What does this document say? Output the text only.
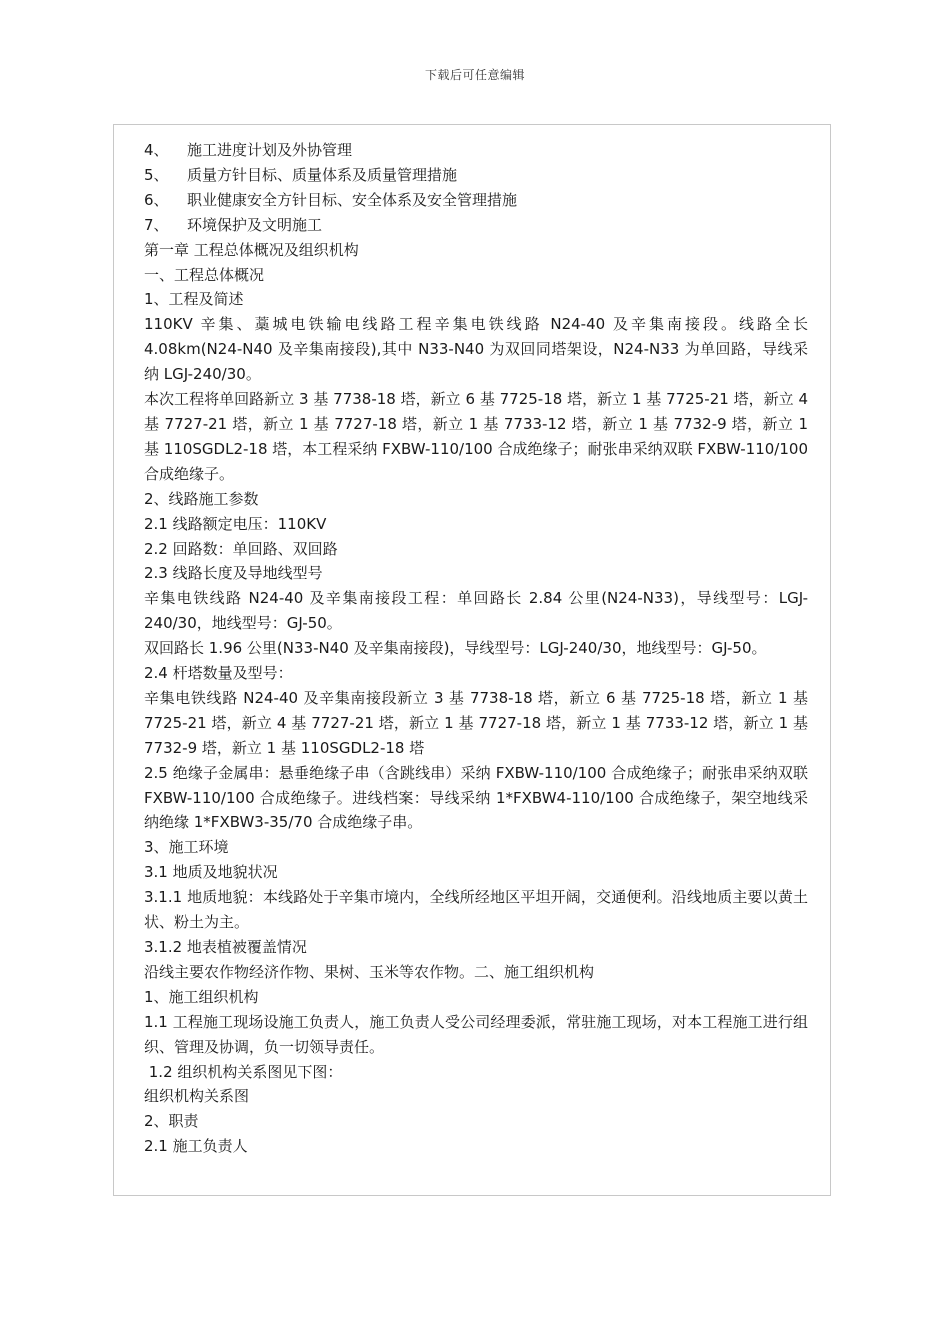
下载后可任意编辑
4、 施工进度计划及外协管理
5、 质量方针目标、质量体系及质量管理措施
6、 职业健康安全方针目标、安全体系及安全管理措施
7、 环境保护及文明施工
第一章 工程总体概况及组织机构
一、工程总体概况
1、工程及简述
110KV 辛集、藁城电铁输电线路工程辛集电铁线路 N24-40 及辛集南接段。线路全长 4.08km(N24-N40 及辛集南接段),其中 N33-N40 为双回同塔架设，N24-N33 为单回路，导线采纳 LGJ-240/30。
本次工程将单回路新立 3 基 7738-18 塔，新立 6 基 7725-18 塔，新立 1 基 7725-21 塔，新立 4 基 7727-21 塔，新立 1 基 7727-18 塔，新立 1 基 7733-12 塔，新立 1 基 7732-9 塔，新立 1 基 110SGDL2-18 塔，本工程采纳 FXBW-110/100 合成绝缘子；耐张串采纳双联 FXBW-110/100 合成绝缘子。
2、线路施工参数
2.1 线路额定电压：110KV
2.2 回路数：单回路、双回路
2.3 线路长度及导地线型号
辛集电铁线路 N24-40 及辛集南接段工程：单回路长 2.84 公里(N24-N33)，导线型号：LGJ-240/30，地线型号：GJ-50。
双回路长 1.96 公里(N33-N40 及辛集南接段)，导线型号：LGJ-240/30，地线型号：GJ-50。
2.4 杆塔数量及型号：
辛集电铁线路 N24-40 及辛集南接段新立 3 基 7738-18 塔，新立 6 基 7725-18 塔，新立 1 基 7725-21 塔，新立 4 基 7727-21 塔，新立 1 基 7727-18 塔，新立 1 基 7733-12 塔，新立 1 基 7732-9 塔，新立 1 基 110SGDL2-18 塔
2.5 绝缘子金属串：悬垂绝缘子串（含跳线串）采纳 FXBW-110/100 合成绝缘子；耐张串采纳双联 FXBW-110/100 合成绝缘子。进线档案：导线采纳 1*FXBW4-110/100 合成绝缘子，架空地线采纳绝缘 1*FXBW3-35/70 合成绝缘子串。
3、施工环境
3.1 地质及地貌状况
3.1.1 地质地貌：本线路处于辛集市境内，全线所经地区平坦开阔，交通便利。沿线地质主要以黄土状、粉土为主。
3.1.2 地表植被覆盖情况
沿线主要农作物经济作物、果树、玉米等农作物。二、施工组织机构
1、施工组织机构
1.1 工程施工现场设施工负责人，施工负责人受公司经理委派，常驻施工现场，对本工程施工进行组织、管理及协调，负一切领导责任。
1.2 组织机构关系图见下图：
组织机构关系图
2、职责
2.1 施工负责人
